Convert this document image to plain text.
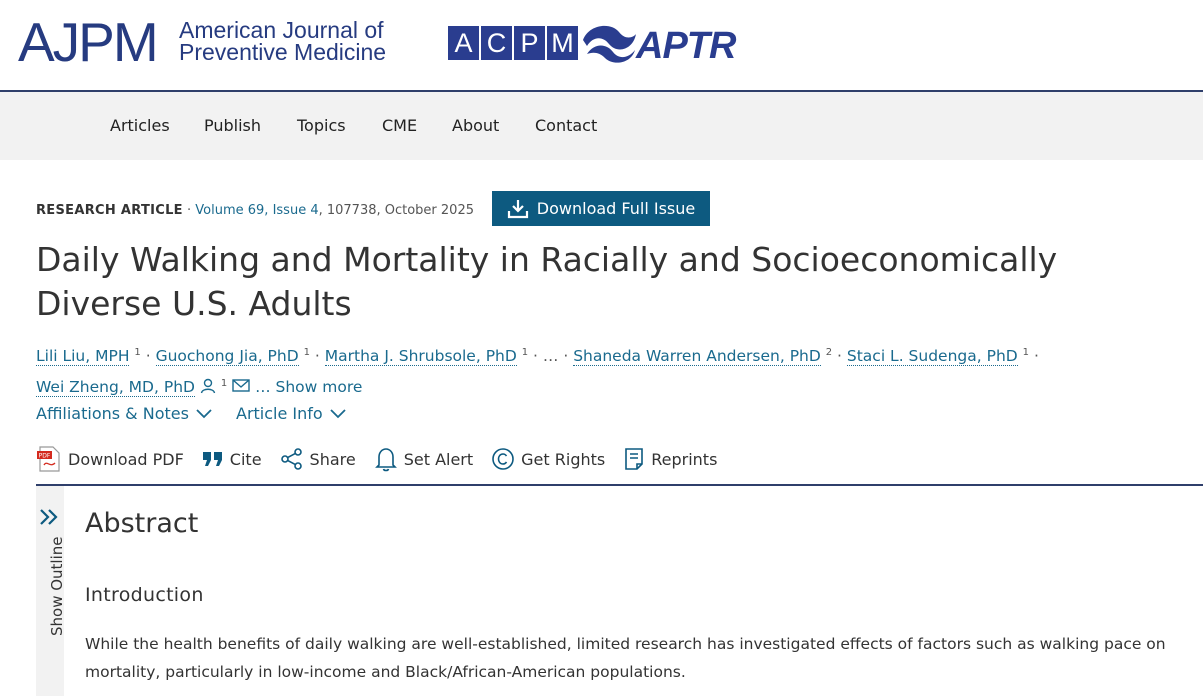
AJPM American Journal of
Preventive Medicine	A C P M APTR
Articles Publish Topics CME About Contact
RESEARCH ARTICLE · Volume 69, Issue 4, 107738, October 2025	Download Full Issue
Daily Walking and Mortality in Racially and Socioeconomically Diverse U.S. Adults
Lili Liu, MPH $^1$ · Guochong Jia, PhD $^1$ · Martha J. Shrubsole, PhD $^1$ · … · Shaneda Warren Andersen, PhD $^2$ · Staci L. Sudenga, PhD $^1$ ·
Wei Zheng, MD, PhD	$^1$ … Show more
Affiliations & Notes	Article Info
PDF Download PDF	Cite	Share	Set Alert	Get Rights	Reprints
Show Outline
Abstract
Introduction

While the health benefits of daily walking are well-established, limited research has investigated effects of factors such as walking pace on mortality, particularly in low-income and Black/African-American populations.
